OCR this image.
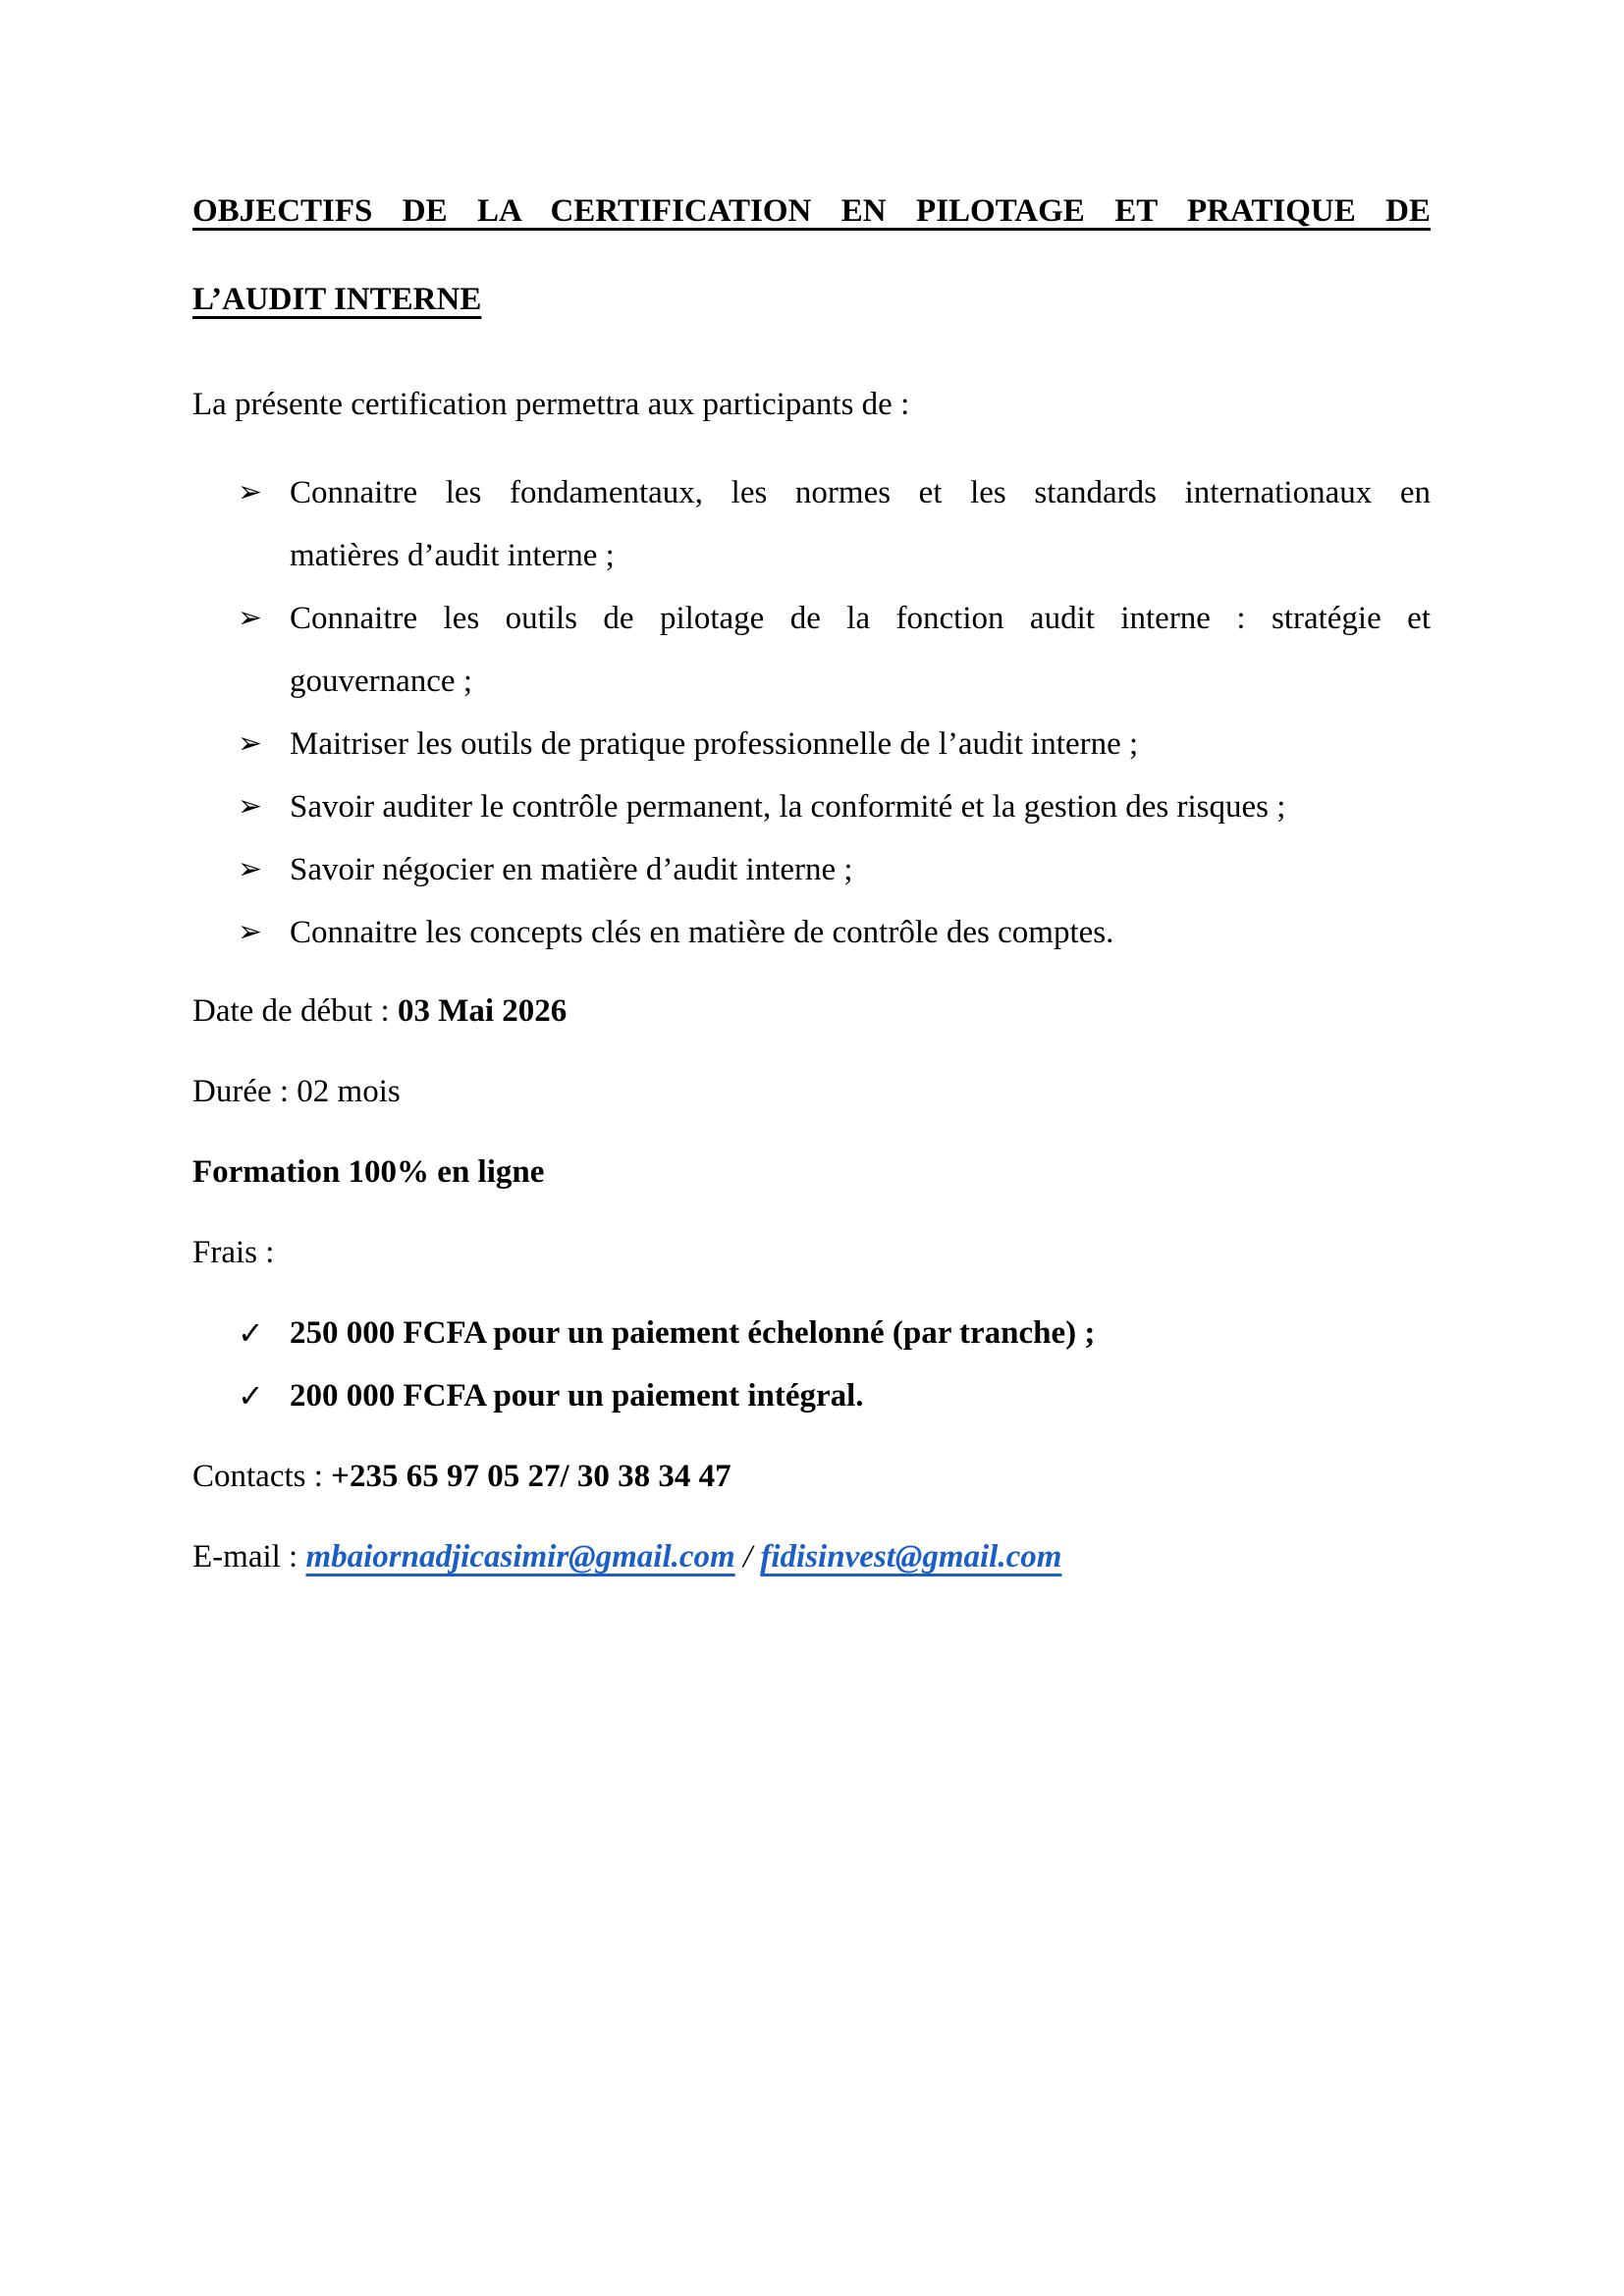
OBJECTIFS DE LA CERTIFICATION EN PILOTAGE ET PRATIQUE DE
L’AUDIT INTERNE

La présente certification permettra aux participants de :

➢ Connaitre les fondamentaux, les normes et les standards internationaux en
matières d’audit interne ;
➢ Connaitre les outils de pilotage de la fonction audit interne : stratégie et
gouvernance ;
➢ Maitriser les outils de pratique professionnelle de l’audit interne ;
➢ Savoir auditer le contrôle permanent, la conformité et la gestion des risques ;
➢ Savoir négocier en matière d’audit interne ;
➢ Connaitre les concepts clés en matière de contrôle des comptes.

Date de début : 03 Mai 2026

Durée : 02 mois

Formation 100% en ligne

Frais :

✓ 250 000 FCFA pour un paiement échelonné (par tranche) ;
✓ 200 000 FCFA pour un paiement intégral.

Contacts : +235 65 97 05 27/ 30 38 34 47

E-mail : mbaiornadjicasimir@gmail.com / fidisinvest@gmail.com
